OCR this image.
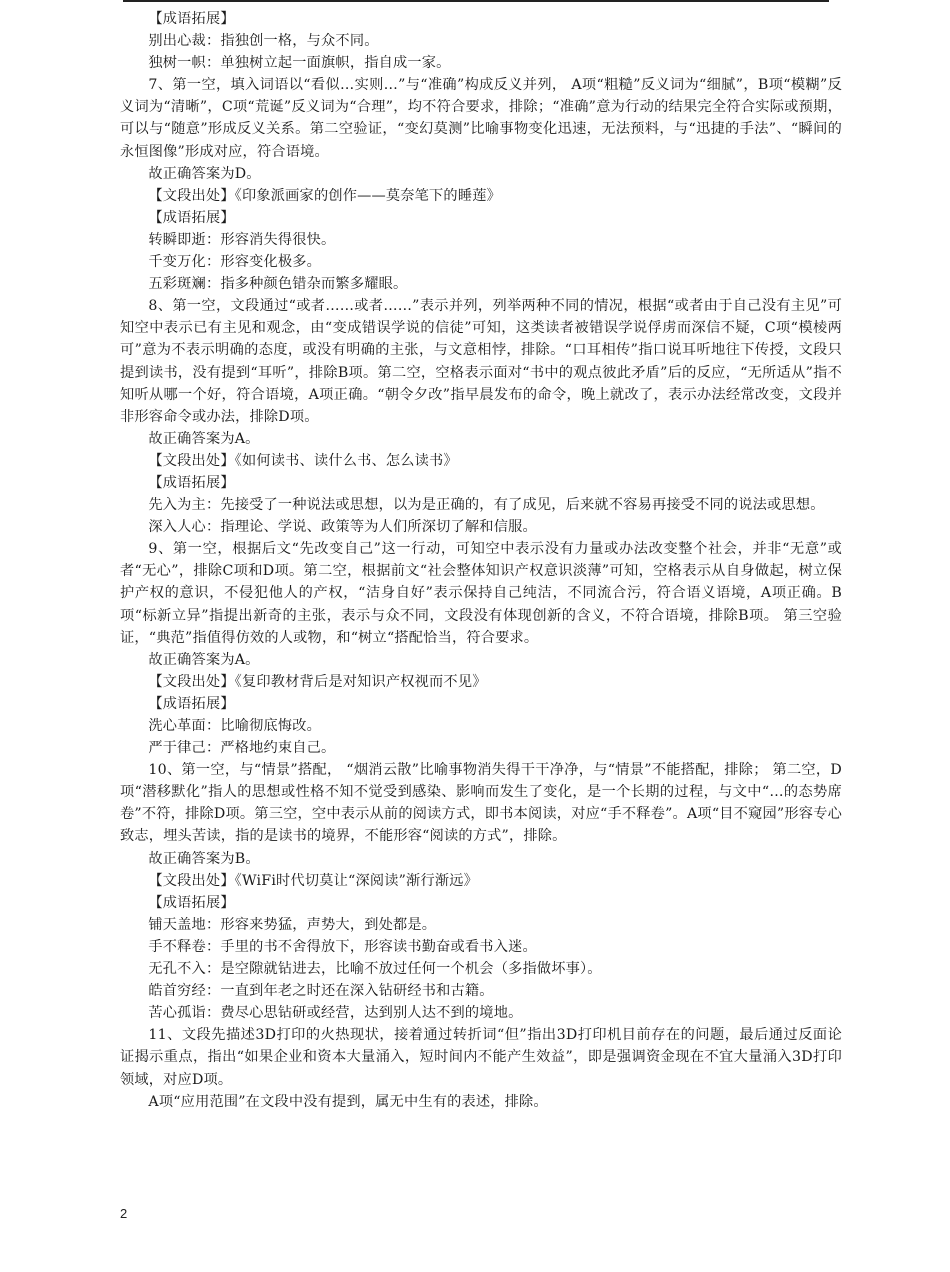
【成语拓展】

别出心裁：指独创一格，与众不同。

独树一帜：单独树立起一面旗帜，指自成一家。

7、第一空，填入词语以“看似…实则…”与“准确”构成反义并列， A项“粗糙”反义词为“细腻”，B项“模糊”反义词为“清晰”，C项“荒诞”反义词为“合理”，均不符合要求，排除；“准确”意为行动的结果完全符合实际或预期，可以与“随意”形成反义关系。第二空验证，“变幻莫测”比喻事物变化迅速，无法预料，与“迅捷的手法”、“瞬间的永恒图像”形成对应，符合语境。

故正确答案为D。

【文段出处】《印象派画家的创作——莫奈笔下的睡莲》

【成语拓展】

转瞬即逝：形容消失得很快。

千变万化：形容变化极多。

五彩斑斓：指多种颜色错杂而繁多耀眼。

8、第一空，文段通过“或者……或者……”表示并列，列举两种不同的情况，根据“或者由于自己没有主见”可知空中表示已有主见和观念，由“变成错误学说的信徒”可知，这类读者被错误学说俘虏而深信不疑，C项“模棱两可”意为不表示明确的态度，或没有明确的主张，与文意相悖，排除。“口耳相传”指口说耳听地往下传授，文段只提到读书，没有提到“耳听”，排除B项。第二空，空格表示面对“书中的观点彼此矛盾”后的反应，“无所适从”指不知听从哪一个好，符合语境，A项正确。“朝令夕改”指早晨发布的命令，晚上就改了，表示办法经常改变，文段并非形容命令或办法，排除D项。

故正确答案为A。

【文段出处】《如何读书、读什么书、怎么读书》

【成语拓展】

先入为主：先接受了一种说法或思想，以为是正确的，有了成见，后来就不容易再接受不同的说法或思想。

深入人心：指理论、学说、政策等为人们所深切了解和信服。

9、第一空，根据后文“先改变自己”这一行动，可知空中表示没有力量或办法改变整个社会，并非“无意”或者“无心”，排除C项和D项。第二空，根据前文“社会整体知识产权意识淡薄”可知，空格表示从自身做起，树立保护产权的意识，不侵犯他人的产权，“洁身自好”表示保持自己纯洁，不同流合污，符合语义语境，A项正确。B项“标新立异”指提出新奇的主张，表示与众不同，文段没有体现创新的含义，不符合语境，排除B项。 第三空验证，“典范”指值得仿效的人或物，和“树立“搭配恰当，符合要求。

故正确答案为A。

【文段出处】《复印教材背后是对知识产权视而不见》

【成语拓展】

洗心革面：比喻彻底悔改。

严于律己：严格地约束自己。

10、第一空，与“情景”搭配， “烟消云散”比喻事物消失得干干净净，与“情景”不能搭配，排除； 第二空，D项“潜移默化”指人的思想或性格不知不觉受到感染、影响而发生了变化，是一个长期的过程，与文中“…的态势席卷”不符，排除D项。第三空，空中表示从前的阅读方式，即书本阅读，对应“手不释卷”。A项“目不窥园”形容专心致志，埋头苦读，指的是读书的境界，不能形容“阅读的方式”，排除。

故正确答案为B。

【文段出处】《WiFi时代切莫让“深阅读”渐行渐远》

【成语拓展】

铺天盖地：形容来势猛，声势大，到处都是。

手不释卷：手里的书不舍得放下，形容读书勤奋或看书入迷。

无孔不入：是空隙就钻进去，比喻不放过任何一个机会（多指做坏事）。

皓首穷经：一直到年老之时还在深入钻研经书和古籍。

苦心孤诣：费尽心思钻研或经营，达到别人达不到的境地。

11、文段先描述3D打印的火热现状，接着通过转折词“但”指出3D打印机目前存在的问题，最后通过反面论证揭示重点，指出“如果企业和资本大量涌入，短时间内不能产生效益”，即是强调资金现在不宜大量涌入3D打印领域，对应D项。

A项“应用范围”在文段中没有提到，属无中生有的表述，排除。

2
